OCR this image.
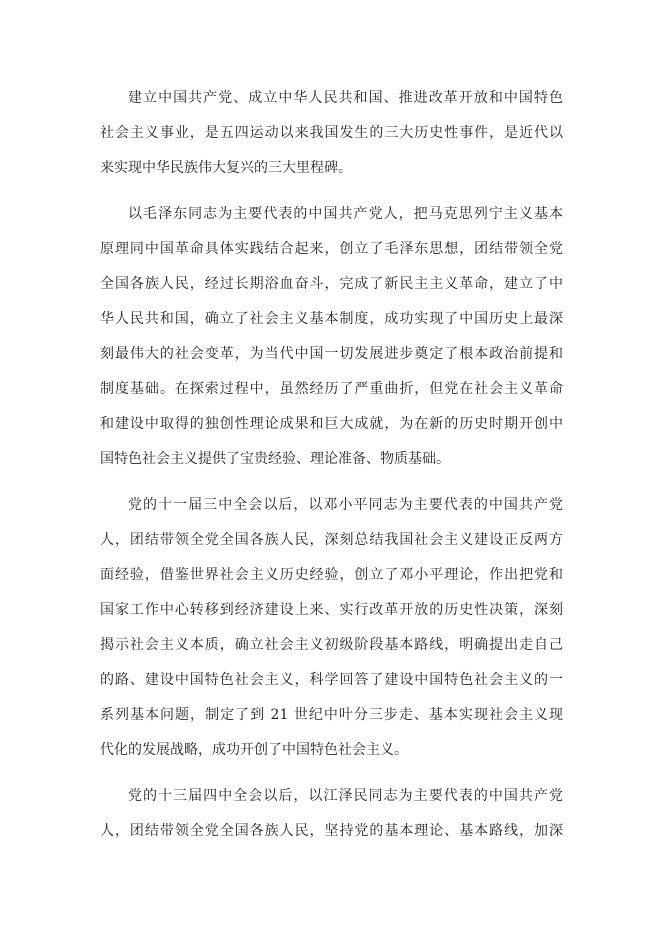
建立中国共产党、成立中华人民共和国、推进改革开放和中国特色
社会主义事业，是五四运动以来我国发生的三大历史性事件，是近代以
来实现中华民族伟大复兴的三大里程碑。

以毛泽东同志为主要代表的中国共产党人，把马克思列宁主义基本
原理同中国革命具体实践结合起来，创立了毛泽东思想，团结带领全党
全国各族人民，经过长期浴血奋斗，完成了新民主主义革命，建立了中
华人民共和国，确立了社会主义基本制度，成功实现了中国历史上最深
刻最伟大的社会变革，为当代中国一切发展进步奠定了根本政治前提和
制度基础。在探索过程中，虽然经历了严重曲折，但党在社会主义革命
和建设中取得的独创性理论成果和巨大成就，为在新的历史时期开创中
国特色社会主义提供了宝贵经验、理论准备、物质基础。

党的十一届三中全会以后，以邓小平同志为主要代表的中国共产党
人，团结带领全党全国各族人民，深刻总结我国社会主义建设正反两方
面经验，借鉴世界社会主义历史经验，创立了邓小平理论，作出把党和
国家工作中心转移到经济建设上来、实行改革开放的历史性决策，深刻
揭示社会主义本质，确立社会主义初级阶段基本路线，明确提出走自己
的路、建设中国特色社会主义，科学回答了建设中国特色社会主义的一
系列基本问题，制定了到 21 世纪中叶分三步走、基本实现社会主义现
代化的发展战略，成功开创了中国特色社会主义。

党的十三届四中全会以后，以江泽民同志为主要代表的中国共产党
人，团结带领全党全国各族人民，坚持党的基本理论、基本路线，加深
